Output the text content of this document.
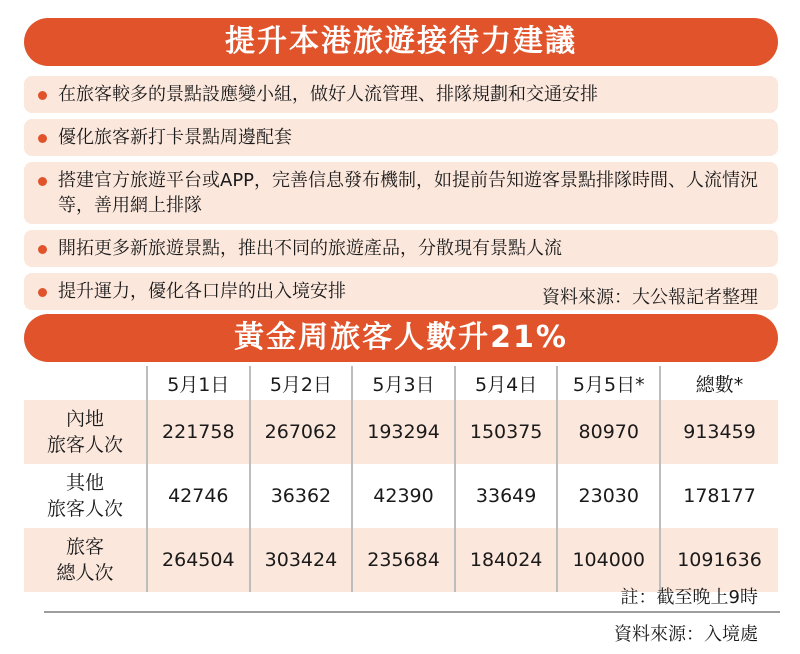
提升本港旅遊接待力建議
在旅客較多的景點設應變小組，做好人流管理、排隊規劃和交通安排
優化旅客新打卡景點周邊配套
搭建官方旅遊平台或APP，完善信息發布機制，如提前告知遊客景點排隊時間、人流情況等，善用網上排隊
開拓更多新旅遊景點，推出不同的旅遊產品，分散現有景點人流
提升運力，優化各口岸的出入境安排	資料來源：大公報記者整理
黃金周旅客人數升21%
	5月1日	5月2日	5月3日	5月4日	5月5日*	總數*
內地
旅客人次	221758	267062	193294	150375	80970	913459
其他
旅客人次	42746	36362	42390	33649	23030	178177
旅客
總人次	264504	303424	235684	184024	104000	1091636
註：截至晚上9時
資料來源：入境處
